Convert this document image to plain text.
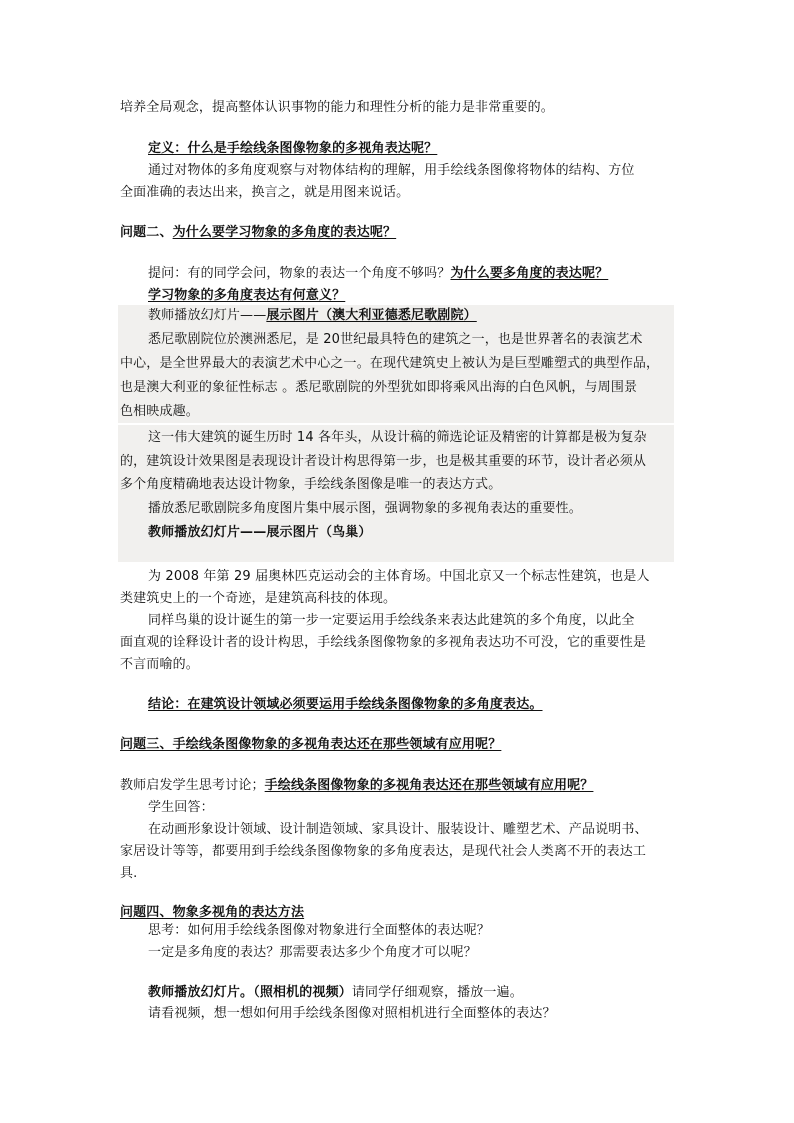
培养全局观念，提高整体认识事物的能力和理性分析的能力是非常重要的。
定义：什么是手绘线条图像物象的多视角表达呢？
通过对物体的多角度观察与对物体结构的理解，用手绘线条图像将物体的结构、方位
全面准确的表达出来，换言之，就是用图来说话。
问题二、为什么要学习物象的多角度的表达呢？
提问：有的同学会问，物象的表达一个角度不够吗？为什么要多角度的表达呢？
学习物象的多角度表达有何意义？
教师播放幻灯片——展示图片（澳大利亚德悉尼歌剧院）
悉尼歌剧院位於澳洲悉尼，是 20世纪最具特色的建筑之一，也是世界著名的表演艺术
中心，是全世界最大的表演艺术中心之一。在现代建筑史上被认为是巨型雕塑式的典型作品，
也是澳大利亚的象征性标志 。悉尼歌剧院的外型犹如即将乘风出海的白色风帆，与周围景
色相映成趣。
这一伟大建筑的诞生历时 14 各年头，从设计稿的筛选论证及精密的计算都是极为复杂
的，建筑设计效果图是表现设计者设计构思得第一步，也是极其重要的环节，设计者必须从
多个角度精确地表达设计物象，手绘线条图像是唯一的表达方式。
播放悉尼歌剧院多角度图片集中展示图，强调物象的多视角表达的重要性。
教师播放幻灯片——展示图片（鸟巢）
为 2008 年第 29 届奥林匹克运动会的主体育场。中国北京又一个标志性建筑，也是人
类建筑史上的一个奇迹，是建筑高科技的体现。
同样鸟巢的设计诞生的第一步一定要运用手绘线条来表达此建筑的多个角度，以此全
面直观的诠释设计者的设计构思，手绘线条图像物象的多视角表达功不可没，它的重要性是
不言而喻的。
结论：在建筑设计领域必须要运用手绘线条图像物象的多角度表达。
问题三、手绘线条图像物象的多视角表达还在那些领域有应用呢？
教师启发学生思考讨论；手绘线条图像物象的多视角表达还在那些领域有应用呢？
学生回答：
在动画形象设计领域、设计制造领域、家具设计、服装设计、雕塑艺术、产品说明书、
家居设计等等，都要用到手绘线条图像物象的多角度表达，是现代社会人类离不开的表达工
具.
问题四、物象多视角的表达方法
思考：如何用手绘线条图像对物象进行全面整体的表达呢？
一定是多角度的表达？那需要表达多少个角度才可以呢？
教师播放幻灯片。（照相机的视频）请同学仔细观察，播放一遍。
请看视频，想一想如何用手绘线条图像对照相机进行全面整体的表达？
